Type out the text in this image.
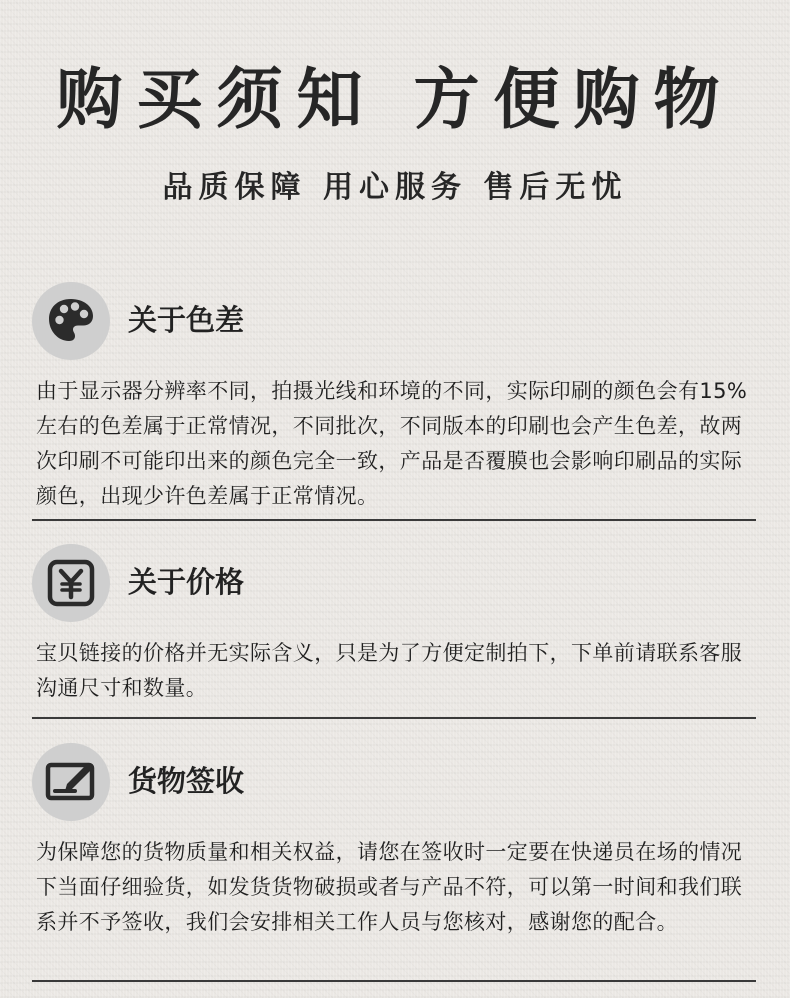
购买须知 方便购物
品质保障 用心服务 售后无忧
关于色差
由于显示器分辨率不同，拍摄光线和环境的不同，实际印刷的颜色会有15%左右的色差属于正常情况，不同批次，不同版本的印刷也会产生色差，故两次印刷不可能印出来的颜色完全一致，产品是否覆膜也会影响印刷品的实际颜色，出现少许色差属于正常情况。
关于价格
宝贝链接的价格并无实际含义，只是为了方便定制拍下，下单前请联系客服沟通尺寸和数量。
货物签收
为保障您的货物质量和相关权益，请您在签收时一定要在快递员在场的情况下当面仔细验货，如发货货物破损或者与产品不符，可以第一时间和我们联系并不予签收，我们会安排相关工作人员与您核对，感谢您的配合。
